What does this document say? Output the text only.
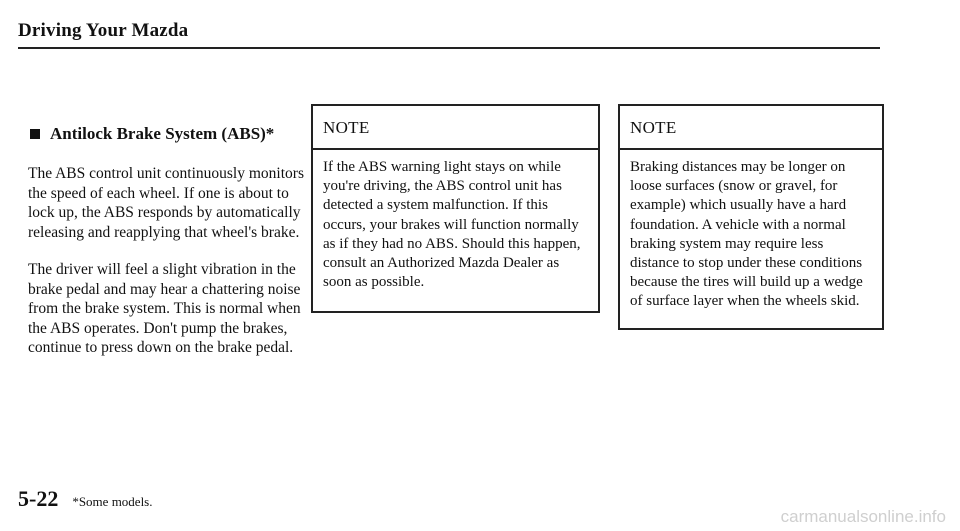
Driving Your Mazda
Antilock Brake System (ABS)*

The ABS control unit continuously monitors the speed of each wheel. If one is about to lock up, the ABS responds by automatically releasing and reapplying that wheel's brake.

The driver will feel a slight vibration in the brake pedal and may hear a chattering noise from the brake system. This is normal when the ABS operates. Don't pump the brakes, continue to press down on the brake pedal.

NOTE
If the ABS warning light stays on while you're driving, the ABS control unit has detected a system malfunction. If this occurs, your brakes will function normally as if they had no ABS. Should this happen, consult an Authorized Mazda Dealer as soon as possible.
NOTE
Braking distances may be longer on loose surfaces (snow or gravel, for example) which usually have a hard foundation. A vehicle with a normal braking system may require less distance to stop under these conditions because the tires will build up a wedge of surface layer when the wheels skid.
5-22 *Some models.
carmanualsonline.info
